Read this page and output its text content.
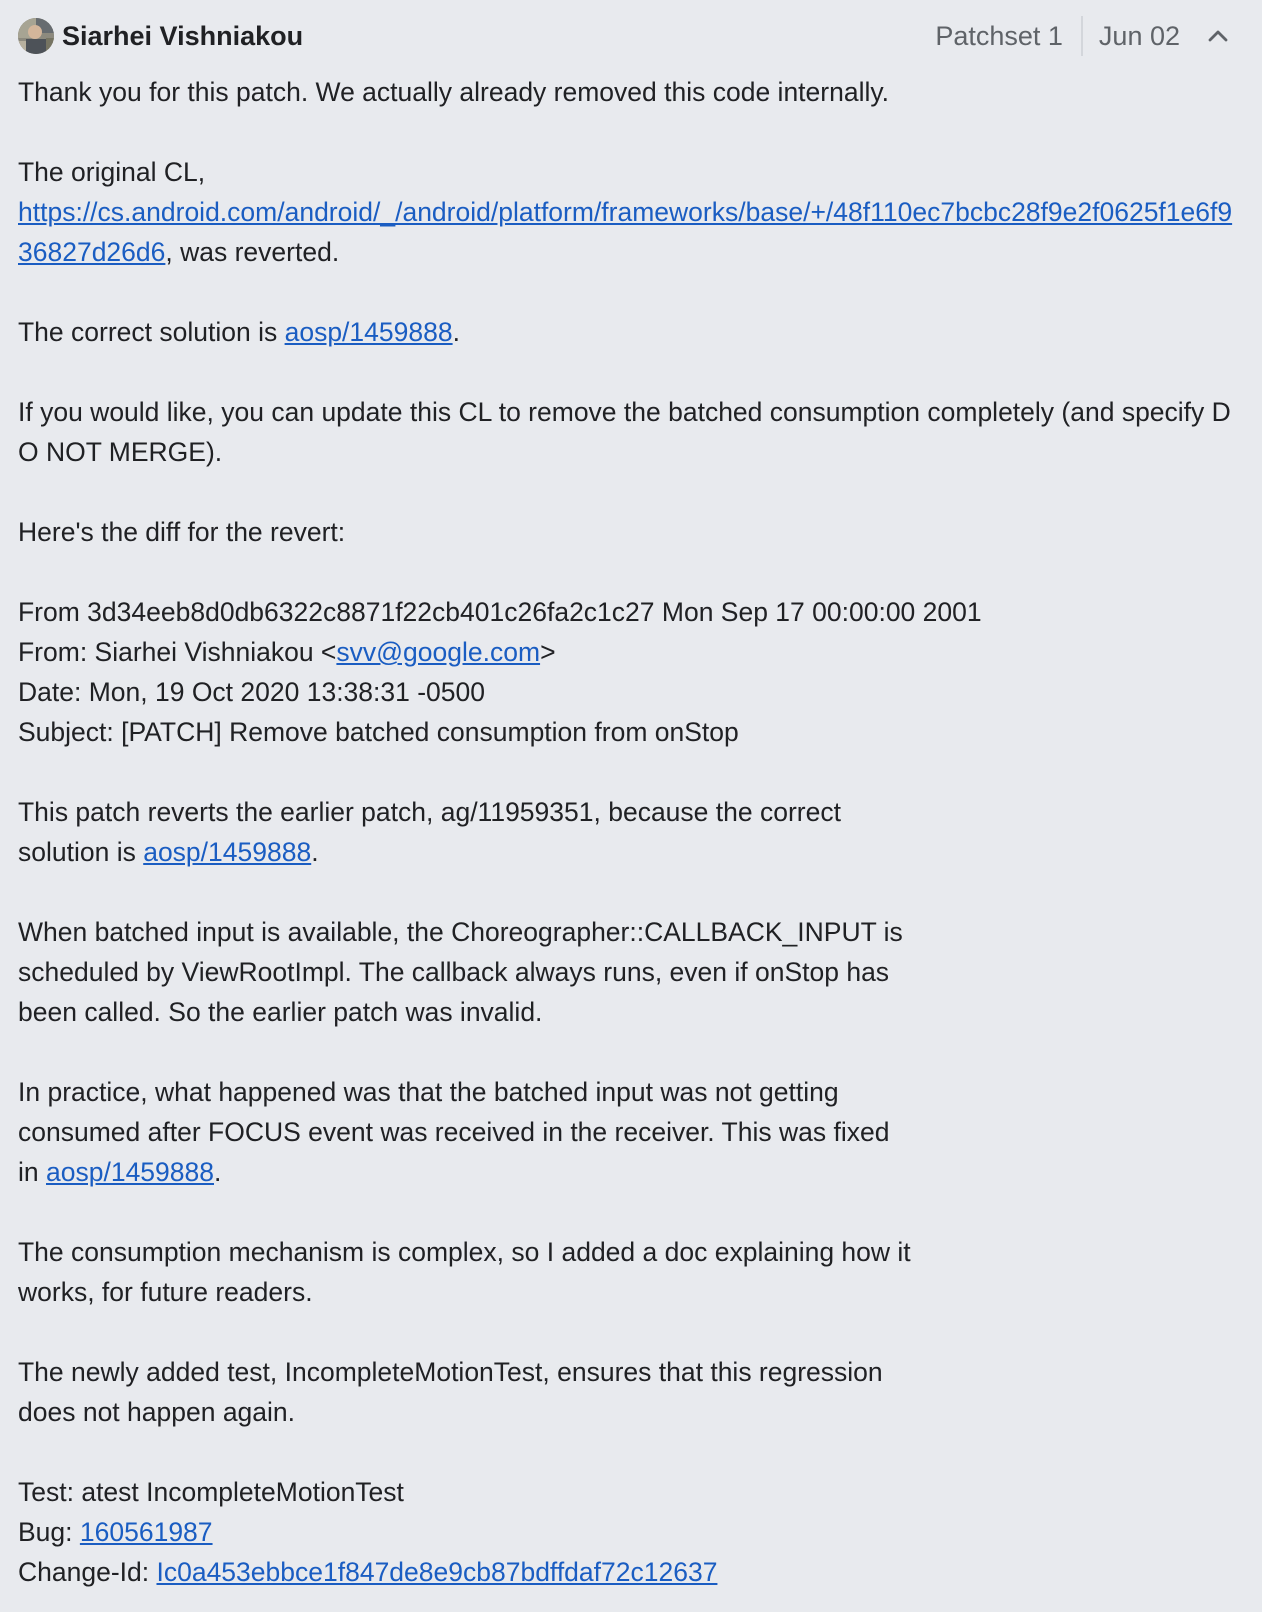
Siarhei Vishniakou	Patchset 1	Jun 02

Thank you for this patch. We actually already removed this code internally.

The original CL,
https://cs.android.com/android/_/android/platform/frameworks/base/+/48f110ec7bcbc28f9e2f0625f1e6f936827d26d6, was reverted.

The correct solution is aosp/1459888.

If you would like, you can update this CL to remove the batched consumption completely (and specify DO NOT MERGE).

Here's the diff for the revert:

From 3d34eeb8d0db6322c8871f22cb401c26fa2c1c27 Mon Sep 17 00:00:00 2001

From: Siarhei Vishniakou <svv@google.com>

Date: Mon, 19 Oct 2020 13:38:31 -0500

Subject: [PATCH] Remove batched consumption from onStop

This patch reverts the earlier patch, ag/11959351, because the correct
solution is aosp/1459888.

When batched input is available, the Choreographer::CALLBACK_INPUT is
scheduled by ViewRootImpl. The callback always runs, even if onStop has
been called. So the earlier patch was invalid.

In practice, what happened was that the batched input was not getting
consumed after FOCUS event was received in the receiver. This was fixed
in aosp/1459888.

The consumption mechanism is complex, so I added a doc explaining how it
works, for future readers.

The newly added test, IncompleteMotionTest, ensures that this regression
does not happen again.

Test: atest IncompleteMotionTest

Bug: 160561987

Change-Id: Ic0a453ebbce1f847de8e9cb87bdffdaf72c12637
